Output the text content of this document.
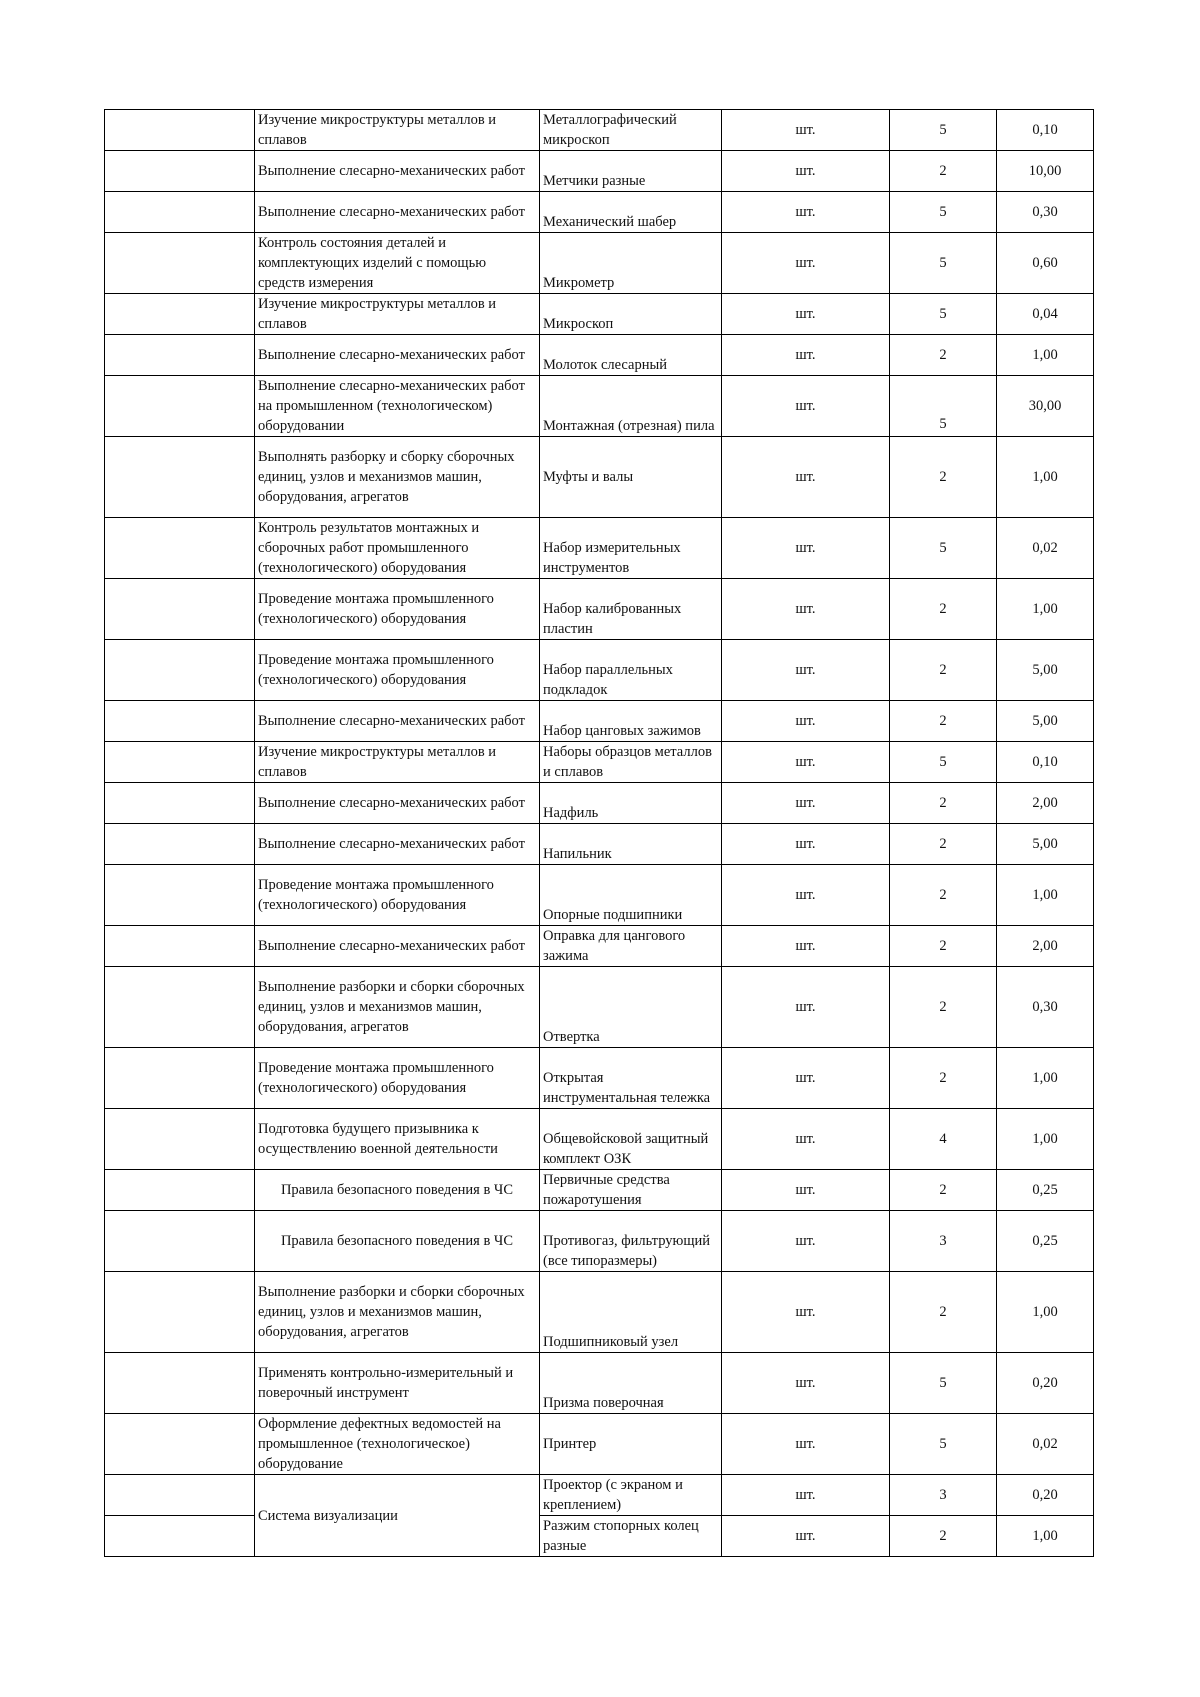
	Изучение микроструктуры металлов и сплавов	Металлографический микроскоп	шт.	5	0,10
	Выполнение слесарно-механических работ	Метчики разные	шт.	2	10,00
	Выполнение слесарно-механических работ	Механический шабер	шт.	5	0,30
	Контроль состояния деталей и комплектующих изделий с помощью средств измерения	Микрометр	шт.	5	0,60
	Изучение микроструктуры металлов и сплавов	Микроскоп	шт.	5	0,04
	Выполнение слесарно-механических работ	Молоток слесарный	шт.	2	1,00
	Выполнение слесарно-механических работ на промышленном (технологическом) оборудовании	Монтажная (отрезная) пила	шт.	5	30,00
	Выполнять разборку и сборку сборочных единиц, узлов и механизмов машин, оборудования, агрегатов	Муфты и валы	шт.	2	1,00
	Контроль результатов монтажных и сборочных работ промышленного (технологического) оборудования	Набор измерительных инструментов	шт.	5	0,02
	Проведение монтажа промышленного (технологического) оборудования	Набор калиброванных пластин	шт.	2	1,00
	Проведение монтажа промышленного (технологического) оборудования	Набор параллельных подкладок	шт.	2	5,00
	Выполнение слесарно-механических работ	Набор цанговых зажимов	шт.	2	5,00
	Изучение микроструктуры металлов и сплавов	Наборы образцов металлов и сплавов	шт.	5	0,10
	Выполнение слесарно-механических работ	Надфиль	шт.	2	2,00
	Выполнение слесарно-механических работ	Напильник	шт.	2	5,00
	Проведение монтажа промышленного (технологического) оборудования	Опорные подшипники	шт.	2	1,00
	Выполнение слесарно-механических работ	Оправка для цангового зажима	шт.	2	2,00
	Выполнение разборки и сборки сборочных единиц, узлов и механизмов машин, оборудования, агрегатов	Отвертка	шт.	2	0,30
	Проведение монтажа промышленного (технологического) оборудования	Открытая инструментальная тележка	шт.	2	1,00
	Подготовка будущего призывника к осуществлению военной деятельности	Общевойсковой защитный комплект ОЗК	шт.	4	1,00
	Правила безопасного поведения в ЧС	Первичные средства пожаротушения	шт.	2	0,25
	Правила безопасного поведения в ЧС	Противогаз, фильтрующий (все типоразмеры)	шт.	3	0,25
	Выполнение разборки и сборки сборочных единиц, узлов и механизмов машин, оборудования, агрегатов	Подшипниковый узел	шт.	2	1,00
	Применять контрольно-измерительный и поверочный инструмент	Призма поверочная	шт.	5	0,20
	Оформление дефектных ведомостей на промышленное (технологическое) оборудование	Принтер	шт.	5	0,02
	Система визуализации	Проектор (с экраном и креплением)	шт.	3	0,20
		Разжим стопорных колец разные	шт.	2	1,00
